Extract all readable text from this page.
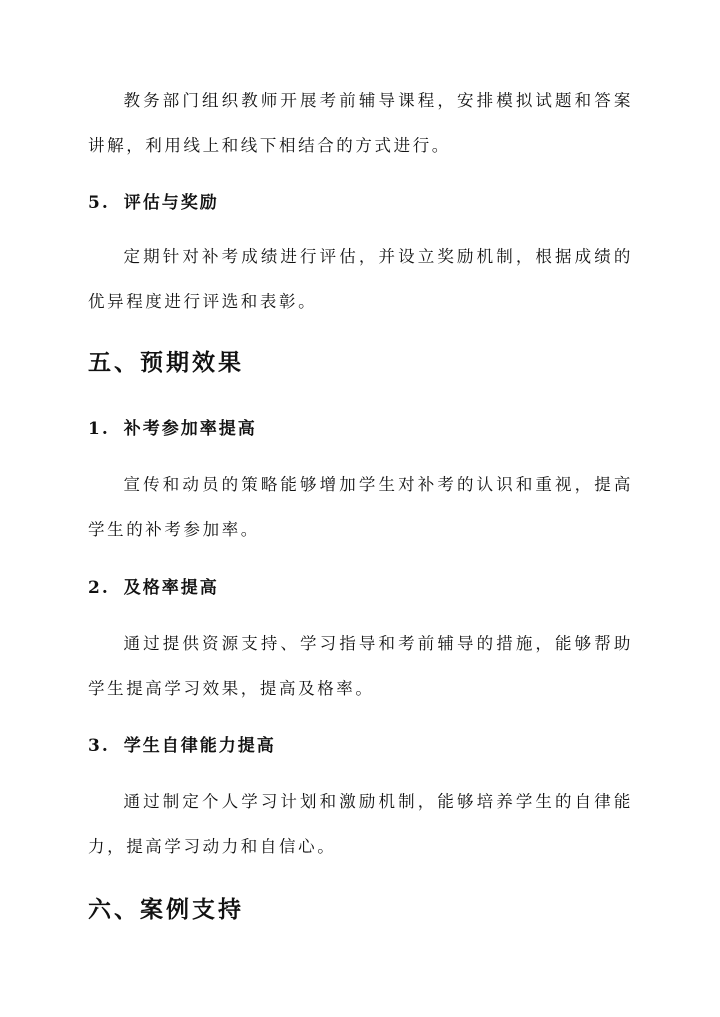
教务部门组织教师开展考前辅导课程，安排模拟试题和答案讲解，利用线上和线下相结合的方式进行。

5. 评估与奖励

定期针对补考成绩进行评估，并设立奖励机制，根据成绩的优异程度进行评选和表彰。

五、预期效果
1. 补考参加率提高

宣传和动员的策略能够增加学生对补考的认识和重视，提高学生的补考参加率。

2. 及格率提高

通过提供资源支持、学习指导和考前辅导的措施，能够帮助学生提高学习效果，提高及格率。

3. 学生自律能力提高

通过制定个人学习计划和激励机制，能够培养学生的自律能力，提高学习动力和自信心。

六、案例支持
